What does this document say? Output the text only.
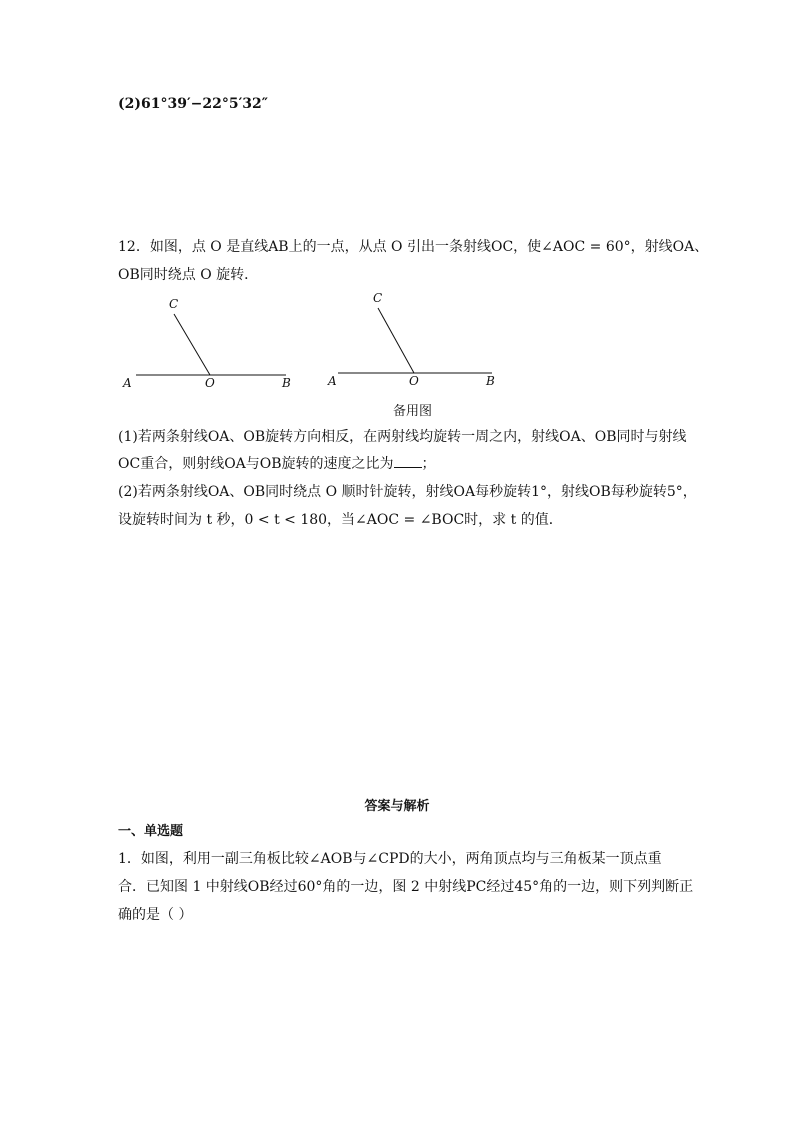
(2)61°39′−22°5′32″
12．如图，点 O 是直线AB上的一点，从点 O 引出一条射线OC，使∠AOC = 60°，射线OA、
OB同时绕点 O 旋转．
C
A	O	B
C
A	O	B
备用图
(1)若两条射线OA、OB旋转方向相反，在两射线均旋转一周之内，射线OA、OB同时与射线
OC重合，则射线OA与OB旋转的速度之比为 ；
(2)若两条射线OA、OB同时绕点 O 顺时针旋转，射线OA每秒旋转1°，射线OB每秒旋转5°，
设旋转时间为 t 秒，0 < t < 180，当∠AOC = ∠BOC时，求 t 的值．
答案与解析
一、单选题
1．如图，利用一副三角板比较∠AOB与∠CPD的大小，两角顶点均与三角板某一顶点重
合．已知图 1 中射线OB经过60°角的一边，图 2 中射线PC经过45°角的一边，则下列判断正
确的是（ ）
